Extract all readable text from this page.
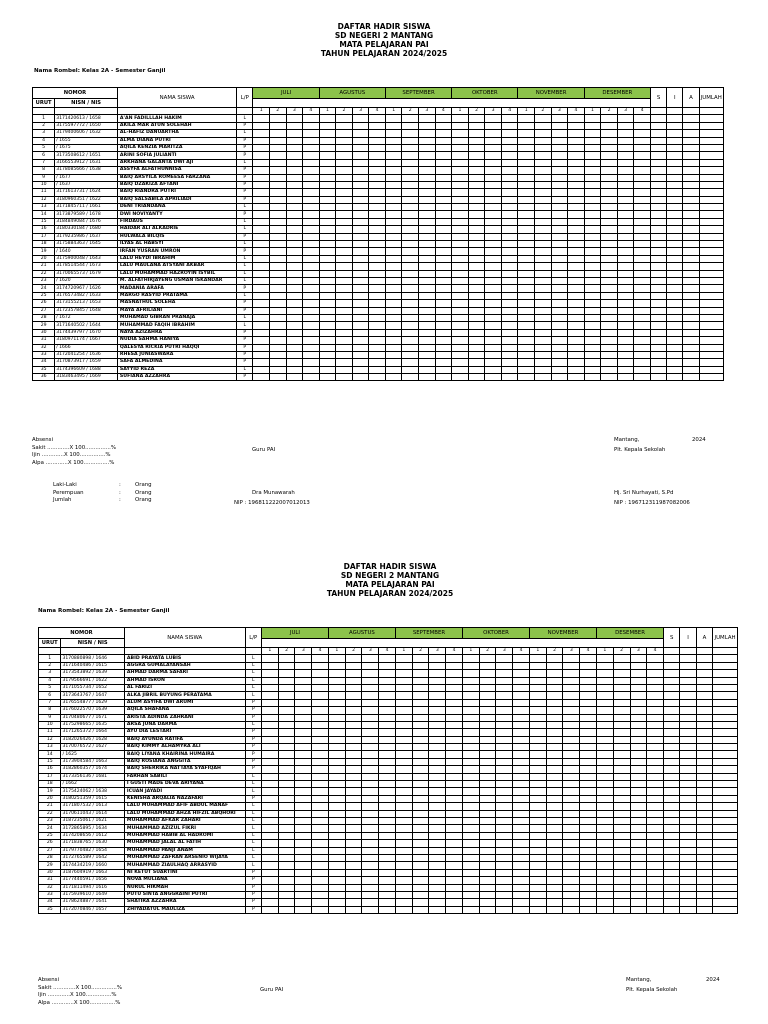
DAFTAR HADIR SISWA
SD NEGERI 2 MANTANG
MATA PELAJARAN PAI
TAHUN PELAJARAN 2024/2025
Nama Rombel: Kelas 2A - Semester Ganjil
NOMOR		NAMA SISWA	L/P	JULI				AGUSTUS				SEPTEMBER				OKTOBER				NOVEMBER				DESEMBER				S	I	A	JUMLAH
URUT	NISN / NIS																														
				1	2	3	4	1	2	3	4	1	2	3	4	1	2	3	4	1	2	3	4	1	2	3	4				
1	3171420613 / 1658	A'AN FADILLLAH HAKIM	L																												
2	3175597772 / 1650	AKILA MAR ATUN SOLEHAH	P																												
3	3179400606 / 1632	AL-HAFIZ DANUARTHA	L																												
4	/ 1655	ALMA DIANA PUTRI	P																												
5	/ 1675	AQILA KENZIA MARITZA	P																												
6	3173508612 / 1651	ARINI SOFIA JULIANTI	P																												
7	3166553912 / 1631	ARKHANA GALANTA DWI AJI	L																												
8	3178085666 / 1638	ASSYFA ALFATHUNNISA	P																												
9	/ 1677	BAIQ ARSYILA ROMEESA FARZANA	P																												
10	/ 1637	BAIQ DZAKIZA AFTANI	P																												
11	3171613731 / 1624	BAIQ RIANDRA PUTRI	P																												
12	3180960351 / 1622	BAIQ SALSABILA APRILIADI	P																												
13	3171845711 / 1661	DENI TRIANDANA	L																												
14	3173879589 / 1678	DWI NOVIYANTY	P																												
15	3184849084 / 1676	FIRDAUS	L																												
16	3180330184 / 1680	HAIDAR ALI ALKADRIE	L																												
17	3179235986 / 1637	HULWALA BILQIS	P																												
18	3175884363 / 1645	ILYAS AL HABSYI	L																												
19	/ 1640	IRFAN YUSRAN UMRON	P																												
20	3175900048 / 1643	LALU HEYDI IBRAHIM	L																												
21	3178514544 / 1673	LALU MAULANA ATSYANI AKBAR	L																												
22	3170065573 / 1679	LALU MUHAMMAD HAZROYIN ISYBIL	L																												
23	/ 1620	M. ALFATHIRJAYENG USMAN ISKANDAR	L																												
24	3174720967 / 1626	MADANIA ARAFA	P																												
25	3176573482 / 1633	MARGO RASYID PRATAMA	L																												
26	3173155213 / 1653	MASNATHUL SOLEHA	P																												
27	3172357845 / 1648	MAYA AFRILIANI	P																												
28	/ 1672	MUHAMAD GIBRAN PRANAJA	L																												
29	3171640502 / 1644	MUHAMMAD FAQIH IBRAHIM	L																												
30	3174439797 / 1670	NAYA AZIZAHRA	P																												
31	3180971174 / 1667	NUDIA SAHMA HANIYA	P																												
32	/ 1666	QALESYA RICKIA PUTRI HAQQI	P																												
33	3172041254 / 1636	RHESA JUNIASWARA	P																												
34	3170873917 / 1659	SAFA ALMEDINA	P																												
35	3174396609 / 1688	SAYYID REZA	L																												
36	3183463495 / 1669	SUFIANA AZZAHRA	P																												
Absensi
Sakit .............X 100...............%
Ijin .............X 100...............%
Alpa .............X 100...............%
Guru PAI
Mantang,	2024
Plt. Kepala Sekolah
Laki-Laki
Perempuan
Jumlah
:
:
:
Orang
Orang
Orang
Dra Munawarah
NIP : 196811222007012013
Hj. Sri Nurhayati, S.Pd
NIP : 196712311987082006
DAFTAR HADIR SISWA
SD NEGERI 2 MANTANG
MATA PELAJARAN PAI
TAHUN PELAJARAN 2024/2025
Nama Rombel: Kelas 2A - Semester Ganjil
NOMOR		NAMA SISWA	L/P	JULI				AGUSTUS				SEPTEMBER				OKTOBER				NOVEMBER				DESEMBER				S	I	A	JUMLAH
URUT	NISN / NIS																														
				1	2	3	4	1	2	3	4	1	2	3	4	1	2	3	4	1	2	3	4	1	2	3	4				
1	3170880898 / 1646	ABID PRAYATA LUBIS	L																												
2	3171640486 / 1615	AGGRA GUMALAYANSAH	L																												
3	3173543892 / 1639	AHMAD DARMA SAFARI	L																												
4	3179566691 / 1622	AHMAD ISRON	L																												
5	3171055734 / 1652	AL FARIZI	L																												
6	3173643767 / 1647	ALKA JIBRIL BUYUNG PERATAMA	L																												
7	3176554877 / 1629	ALUM ASYIFA DWI ARUMI	P																												
8	3176022570 / 1639	AQILA SHAFANA	P																												
9	3170480677 / 1671	ARISTA ADINDA ZAHRANI	P																												
10	3175298665 / 1635	ARSA JUNA DARMA	L																												
11	3171265372 / 1664	AYU DIA LESTARI	P																												
12	3182026426 / 1628	BAIQ AYUNDA RATIFA	P																												
13	3170076572 / 1627	BAIQ KIMMY ALHAMYRA ALI	P																												
14	/ 1625	BAIQ LIYANA KHAIRINA HUMAIRA	P																												
15	3173904584 / 1663	BAIQ ROSIANA ANGGITA	P																												
16	3182860357 / 1674	BAIQ SHERRIKA NATTAYA SYAFIQAH	P																												
17	3173356136 / 1681	FARHAN SABILI	L																												
18	/ 1662	I GUSTI MADE DEVA ARIYANA	L																												
19	3175424062 / 1638	ICUAN JAYADI	L																												
20	3180251359 / 1615	KENISHA ARQALIA NAZAFARI	P																												
21	3171807532 / 1613	LALU MUHAMMAD AFIF ABDUL MANAF	L																												
22	3170611043 / 1614	LALU MUHAMMAD AHZA HIFZIL ABQHORI	L																												
23	3187235061 / 1621	MUHAMMAD AFKAR ZAHARI	L																												
24	3172865895 / 1634	MUHAMMAD AZIZUL FIKRI	L																												
25	3174208656 / 1612	MUHAMMAD HABIB AL HADROMI	L																												
26	3171838765 / 1630	MUHAMMAD JALAL AL FATIH	L																												
27	3179770482 / 1654	MUHAMMAD PANJI ANAM	L																												
28	3172765589 / 1642	MUHAMMAD ZAFRAN ARSENIO WIJAYA	L																												
29	3174434219 / 1660	MUHAMMAD ZIAULHAQ ARRASYID	L																												
30	3187604919 / 1663	NI KETUT SUARTINI	P																												
31	3177440591 / 1656	NOVA MULIANA	P																												
32	3171811494 / 1616	NURUL HIKMAH	P																												
33	3175939610 / 1649	PUTU SINTA ANGGRAINI PUTRI	P																												
34	3178624887 / 1641	SHATIRA AZZAHRA	P																												
35	3172070846 / 1657	ZHIYADATUL MAULIZA	P																												
Absensi
Sakit .............X 100...............%
Ijin .............X 100...............%
Alpa .............X 100...............%
Guru PAI
Mantang,	2024
Plt. Kepala Sekolah
